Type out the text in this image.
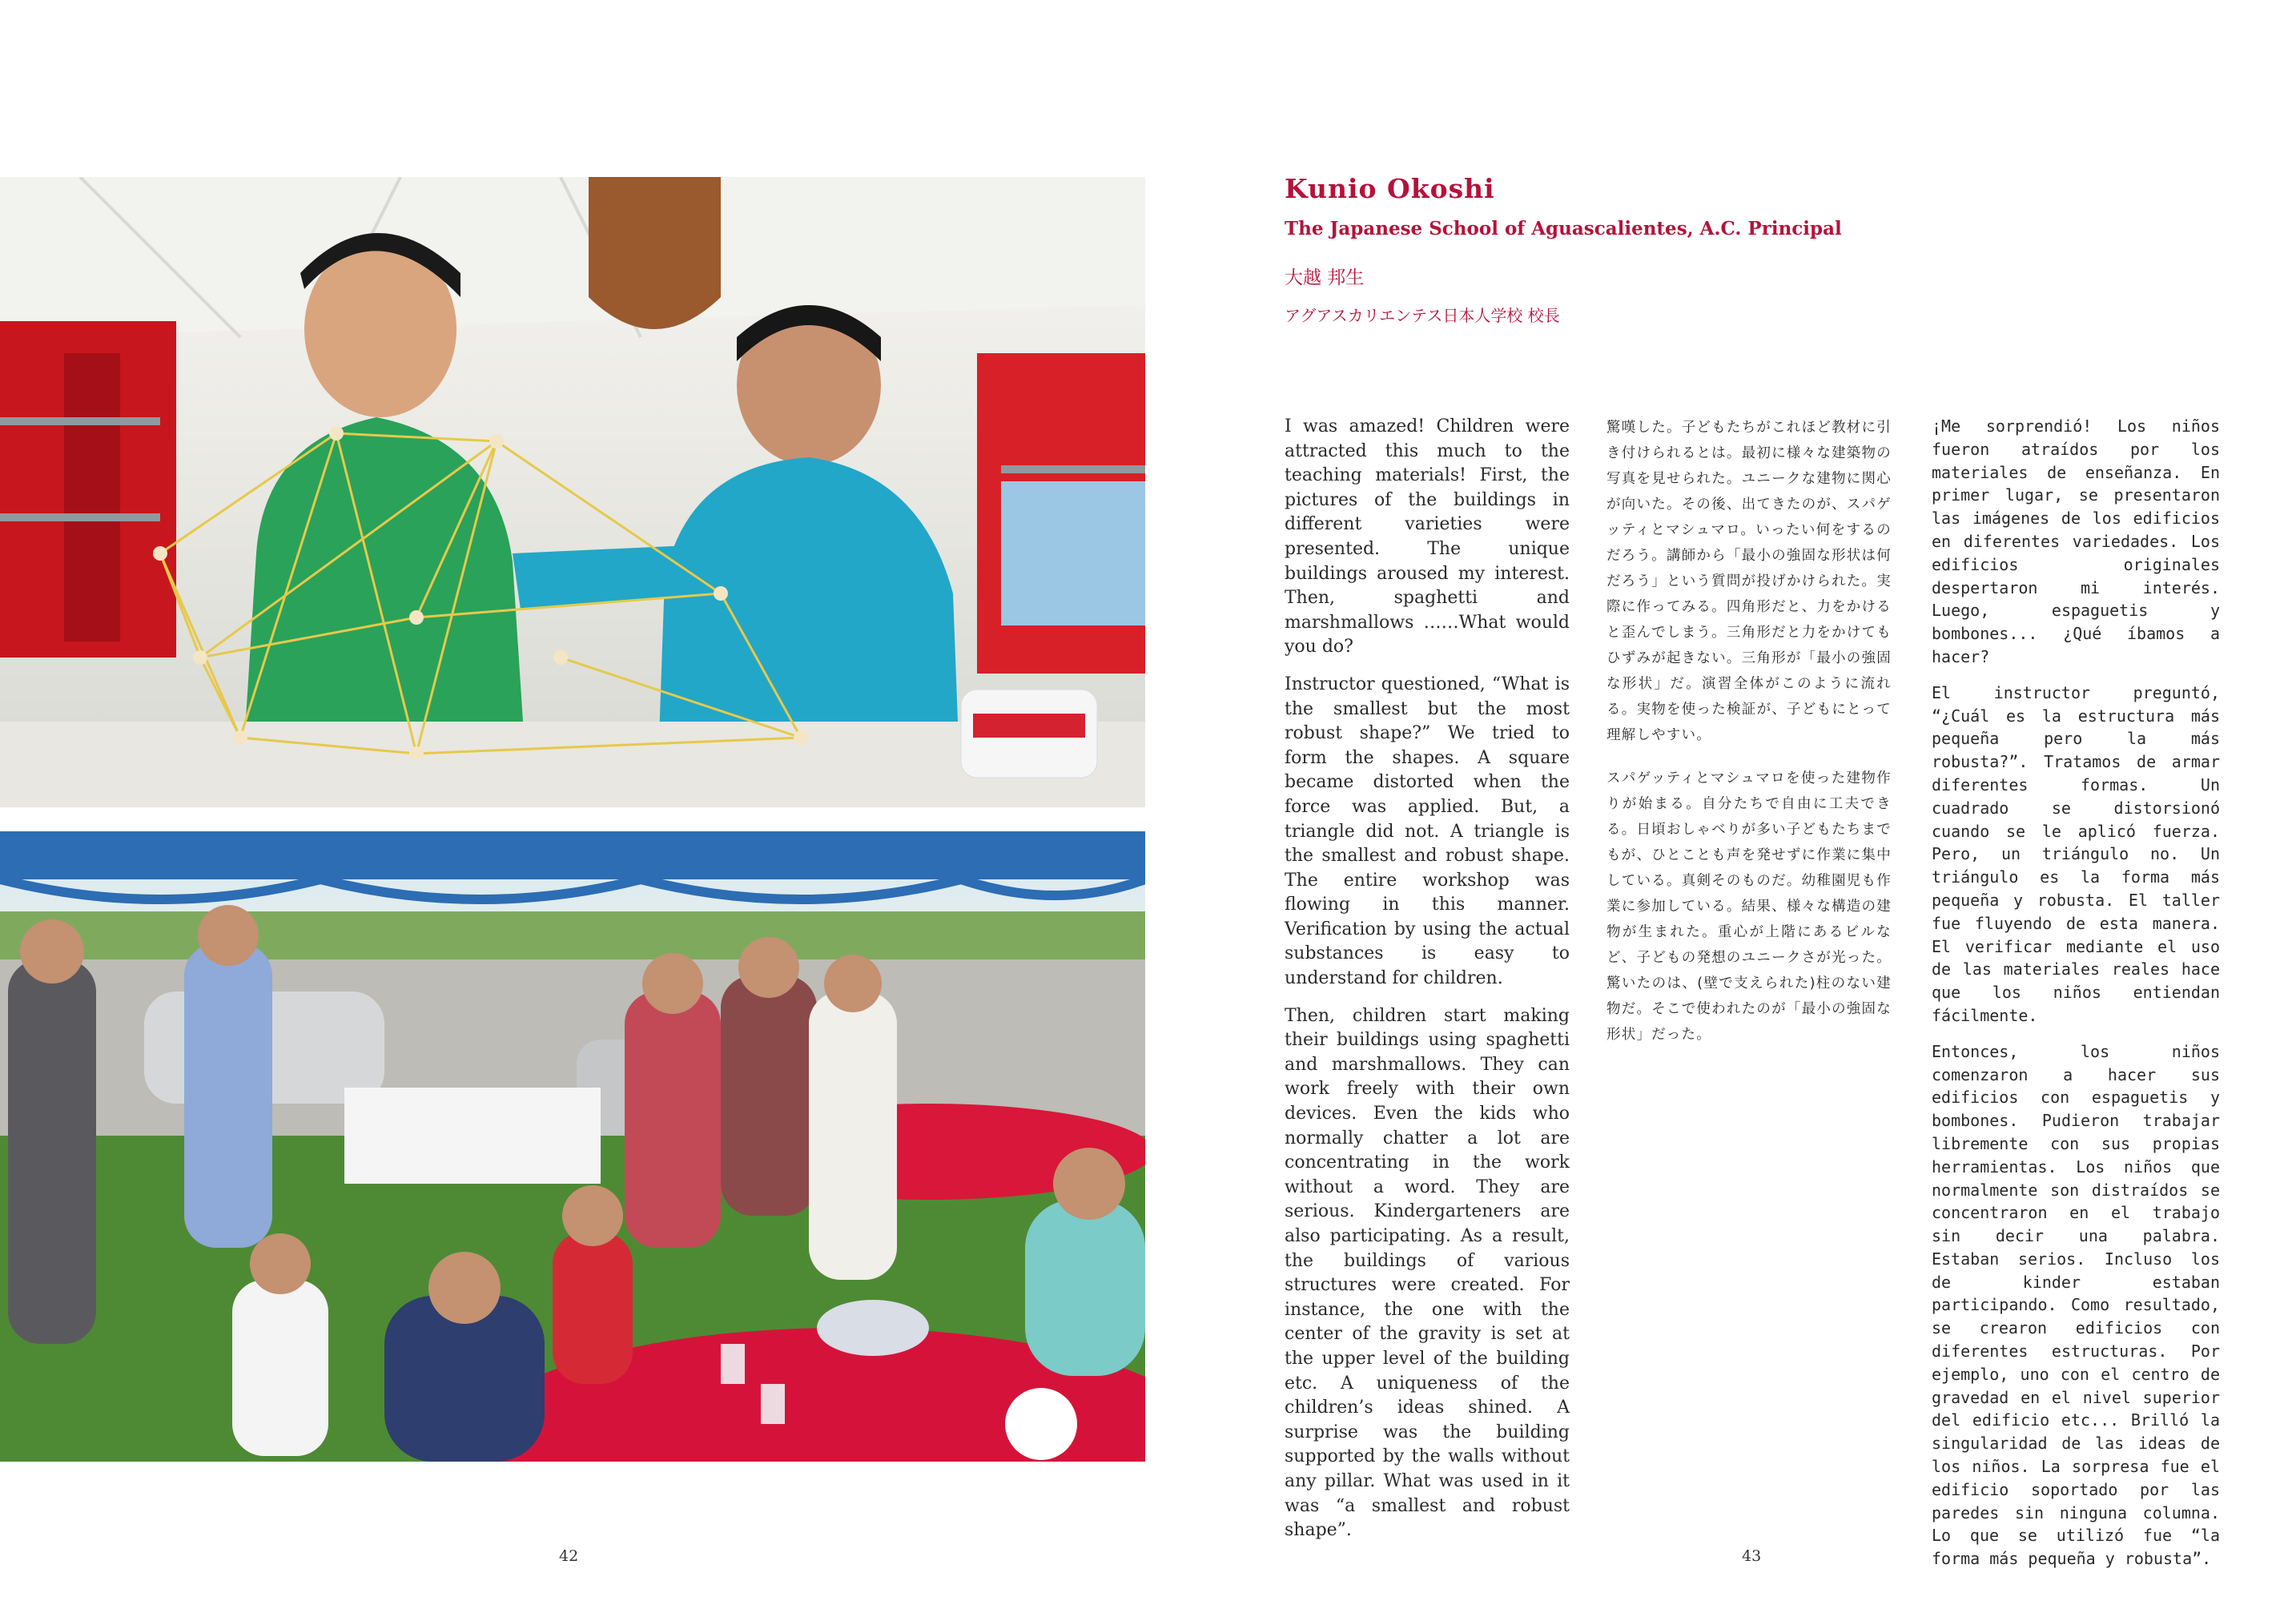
42
Kunio Okoshi
The Japanese School of Aguascalientes, A.C. Principal
大越 邦生
アグアスカリエンテス日本人学校 校長

I was amazed! Children were attracted this much to the teaching materials! First, the pictures of the buildings in different varieties were presented. The unique buildings aroused my interest. Then, spaghetti and marshmallows ……What would you do?

Instructor questioned, “What is the smallest but the most robust shape?” We tried to form the shapes. A square became distorted when the force was applied. But, a triangle did not. A triangle is the smallest and robust shape. The entire workshop was flowing in this manner. Verification by using the actual substances is easy to understand for children.

Then, children start making their buildings using spaghetti and marshmallows. They can work freely with their own devices. Even the kids who normally chatter a lot are concentrating in the work without a word. They are serious. Kindergarteners are also participating. As a result, the buildings of various structures were created. For instance, the one with the center of the gravity is set at the upper level of the building etc. A uniqueness of the children’s ideas shined. A surprise was the building supported by the walls without any pillar. What was used in it was “a smallest and robust shape”.

驚嘆した。子どもたちがこれほど教材に引き付けられるとは。最初に様々な建築物の写真を見せられた。ユニークな建物に関心が向いた。その後、出てきたのが、スパゲッティとマシュマロ。いったい何をするのだろう。講師から「最小の強固な形状は何だろう」という質問が投げかけられた。実際に作ってみる。四角形だと、力をかけると歪んでしまう。三角形だと力をかけてもひずみが起きない。三角形が「最小の強固な形状」だ。演習全体がこのように流れる。実物を使った検証が、子どもにとって理解しやすい。

スパゲッティとマシュマロを使った建物作りが始まる。自分たちで自由に工夫できる。日頃おしゃべりが多い子どもたちまでもが、ひとことも声を発せずに作業に集中している。真剣そのものだ。幼稚園児も作業に参加している。結果、様々な構造の建物が生まれた。重心が上階にあるビルなど、子どもの発想のユニークさが光った。驚いたのは、(壁で支えられた)柱のない建物だ。そこで使われたのが「最小の強固な形状」だった。

¡Me sorprendió! Los niños fueron atraídos por los materiales de enseñanza. En primer lugar, se presentaron las imágenes de los edificios en diferentes variedades. Los edificios originales despertaron mi interés. Luego, espaguetis y bombones... ¿Qué íbamos a hacer?

El instructor preguntó, “¿Cuál es la estructura más pequeña pero la más robusta?”. Tratamos de armar diferentes formas. Un cuadrado se distorsionó cuando se le aplicó fuerza. Pero, un triángulo no. Un triángulo es la forma más pequeña y robusta. El taller fue fluyendo de esta manera. El verificar mediante el uso de las materiales reales hace que los niños entiendan fácilmente.

Entonces, los niños comenzaron a hacer sus edificios con espaguetis y bombones. Pudieron trabajar libremente con sus propias herramientas. Los niños que normalmente son distraídos se concentraron en el trabajo sin decir una palabra. Estaban serios. Incluso los de kinder estaban participando. Como resultado, se crearon edificios con diferentes estructuras. Por ejemplo, uno con el centro de gravedad en el nivel superior del edificio etc... Brilló la singularidad de las ideas de los niños. La sorpresa fue el edificio soportado por las paredes sin ninguna columna. Lo que se utilizó fue “la forma más pequeña y robusta”.

43
